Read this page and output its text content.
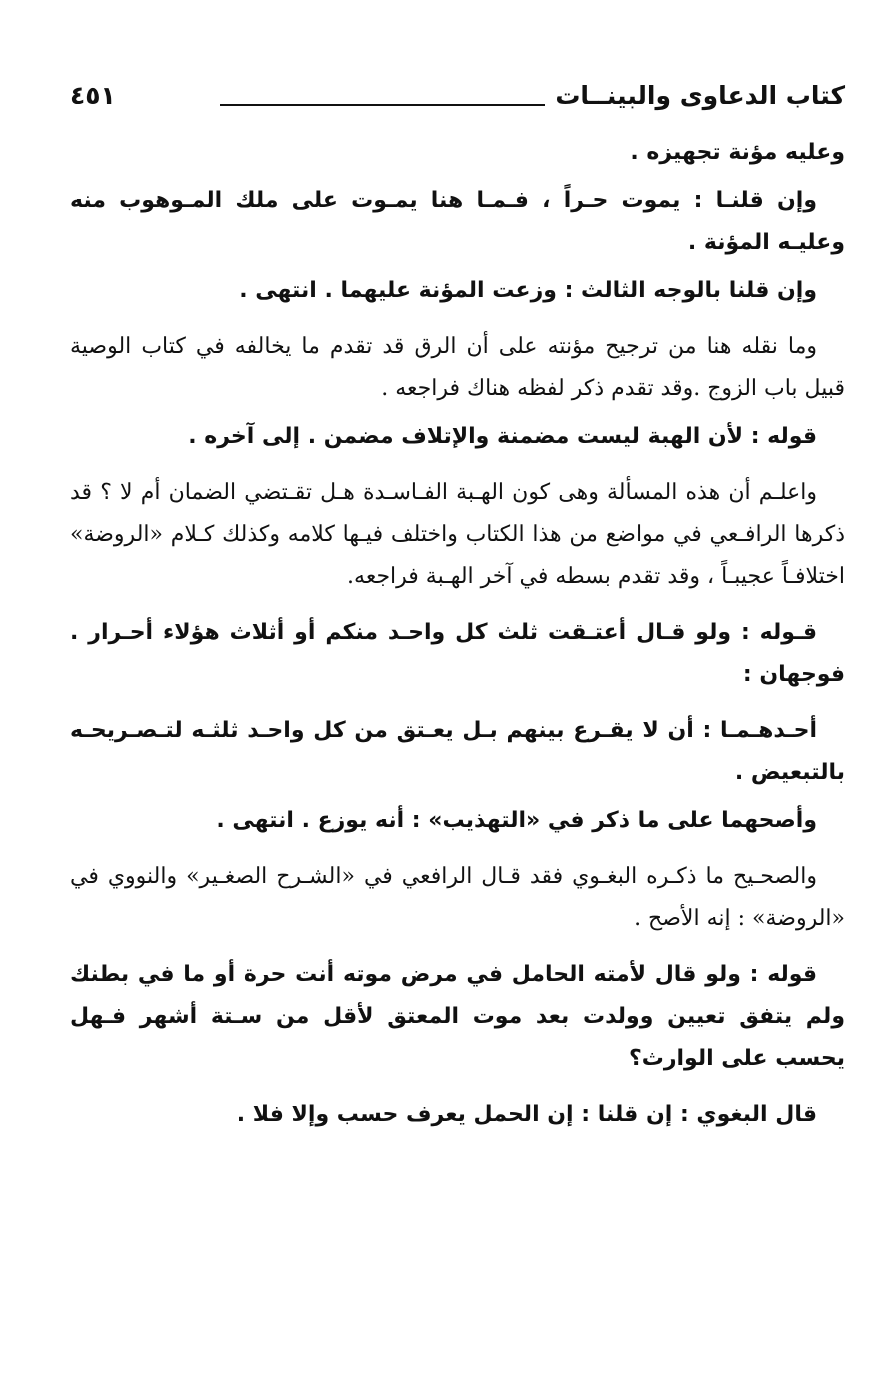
كتاب الدعاوى والبينــات
٤٥١

وعليه مؤنة تجهيزه .

وإن قلنـا : يموت حـراً ، فـمـا هنا يمـوت على ملك المـوهوب منه وعليـه المؤنة .

وإن قلنا بالوجه الثالث : وزعت المؤنة عليهما . انتهى .

وما نقله هنا من ترجيح مؤنته على أن الرق قد تقدم ما يخالفه في كتاب الوصية قبيل باب الزوج .وقد تقدم ذكر لفظه هناك فراجعه .

قوله : لأن الهبة ليست مضمنة والإتلاف مضمن . إلى آخره .

واعلـم أن هذه المسألة وهى كون الهـبة الفـاسـدة هـل تقـتضي الضمان أم لا ؟ قد ذكرها الرافـعي في مواضع من هذا الكتاب واختلف فيـها كلامه وكذلك كـلام «الروضة» اختلافـاً عجيبـاً ، وقد تقدم بسطه في آخر الهـبة فراجعه.

قـوله : ولو قـال أعتـقت ثلث كل واحـد منكم أو أثلاث هؤلاء أحـرار . فوجهان :

أحـدهـمـا : أن لا يقـرع بينهم بـل يعـتق من كل واحـد ثلثـه لتـصـريحـه بالتبعيض .

وأصحهما على ما ذكر في «التهذيب» : أنه يوزع . انتهى .

والصحـيح ما ذكـره البغـوي فقد قـال الرافعي في «الشـرح الصغـير» والنووي في «الروضة» : إنه الأصح .

قوله : ولو قال لأمته الحامل في مرض موته أنت حرة أو ما في بطنك ولم يتفق تعيين وولدت بعد موت المعتق لأقل من سـتة أشهر فـهل يحسب على الوارث؟

قال البغوي : إن قلنا : إن الحمل يعرف حسب وإلا فلا .
